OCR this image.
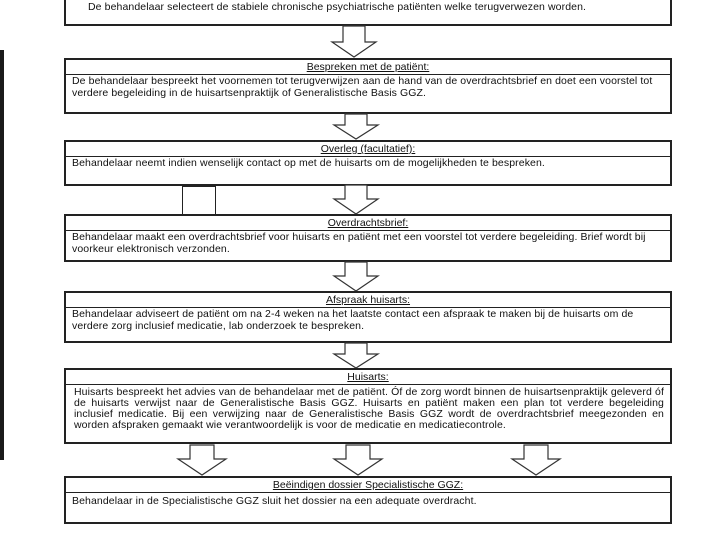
De behandelaar selecteert de stabiele chronische psychiatrische patiënten welke terugverwezen worden.
Bespreken met de patiënt:
De behandelaar bespreekt het voornemen tot terugverwijzen aan de hand van de overdrachtsbrief en doet een voorstel tot verdere begeleiding in de huisartsenpraktijk of Generalistische Basis GGZ.
Overleg (facultatief):
Behandelaar neemt indien wenselijk contact op met de huisarts om de mogelijkheden te bespreken.
Overdrachtsbrief:
Behandelaar maakt een overdrachtsbrief voor huisarts en patiënt met een voorstel tot verdere begeleiding. Brief wordt bij voorkeur elektronisch verzonden.
Afspraak huisarts:
Behandelaar adviseert de patiënt om na 2-4 weken na het laatste contact een afspraak te maken bij de huisarts om de verdere zorg inclusief medicatie, lab onderzoek te bespreken.
Huisarts:
Huisarts bespreekt het advies van de behandelaar met de patiënt. Óf de zorg wordt binnen de huisartsenpraktijk geleverd óf de huisarts verwijst naar de Generalistische Basis GGZ. Huisarts en patiënt maken een plan tot verdere begeleiding inclusief medicatie. Bij een verwijzing naar de Generalistische Basis GGZ wordt de overdrachtsbrief meegezonden en worden afspraken gemaakt wie verantwoordelijk is voor de medicatie en medicatiecontrole.
Beëindigen dossier Specialistische GGZ:
Behandelaar in de Specialistische GGZ sluit het dossier na een adequate overdracht.
